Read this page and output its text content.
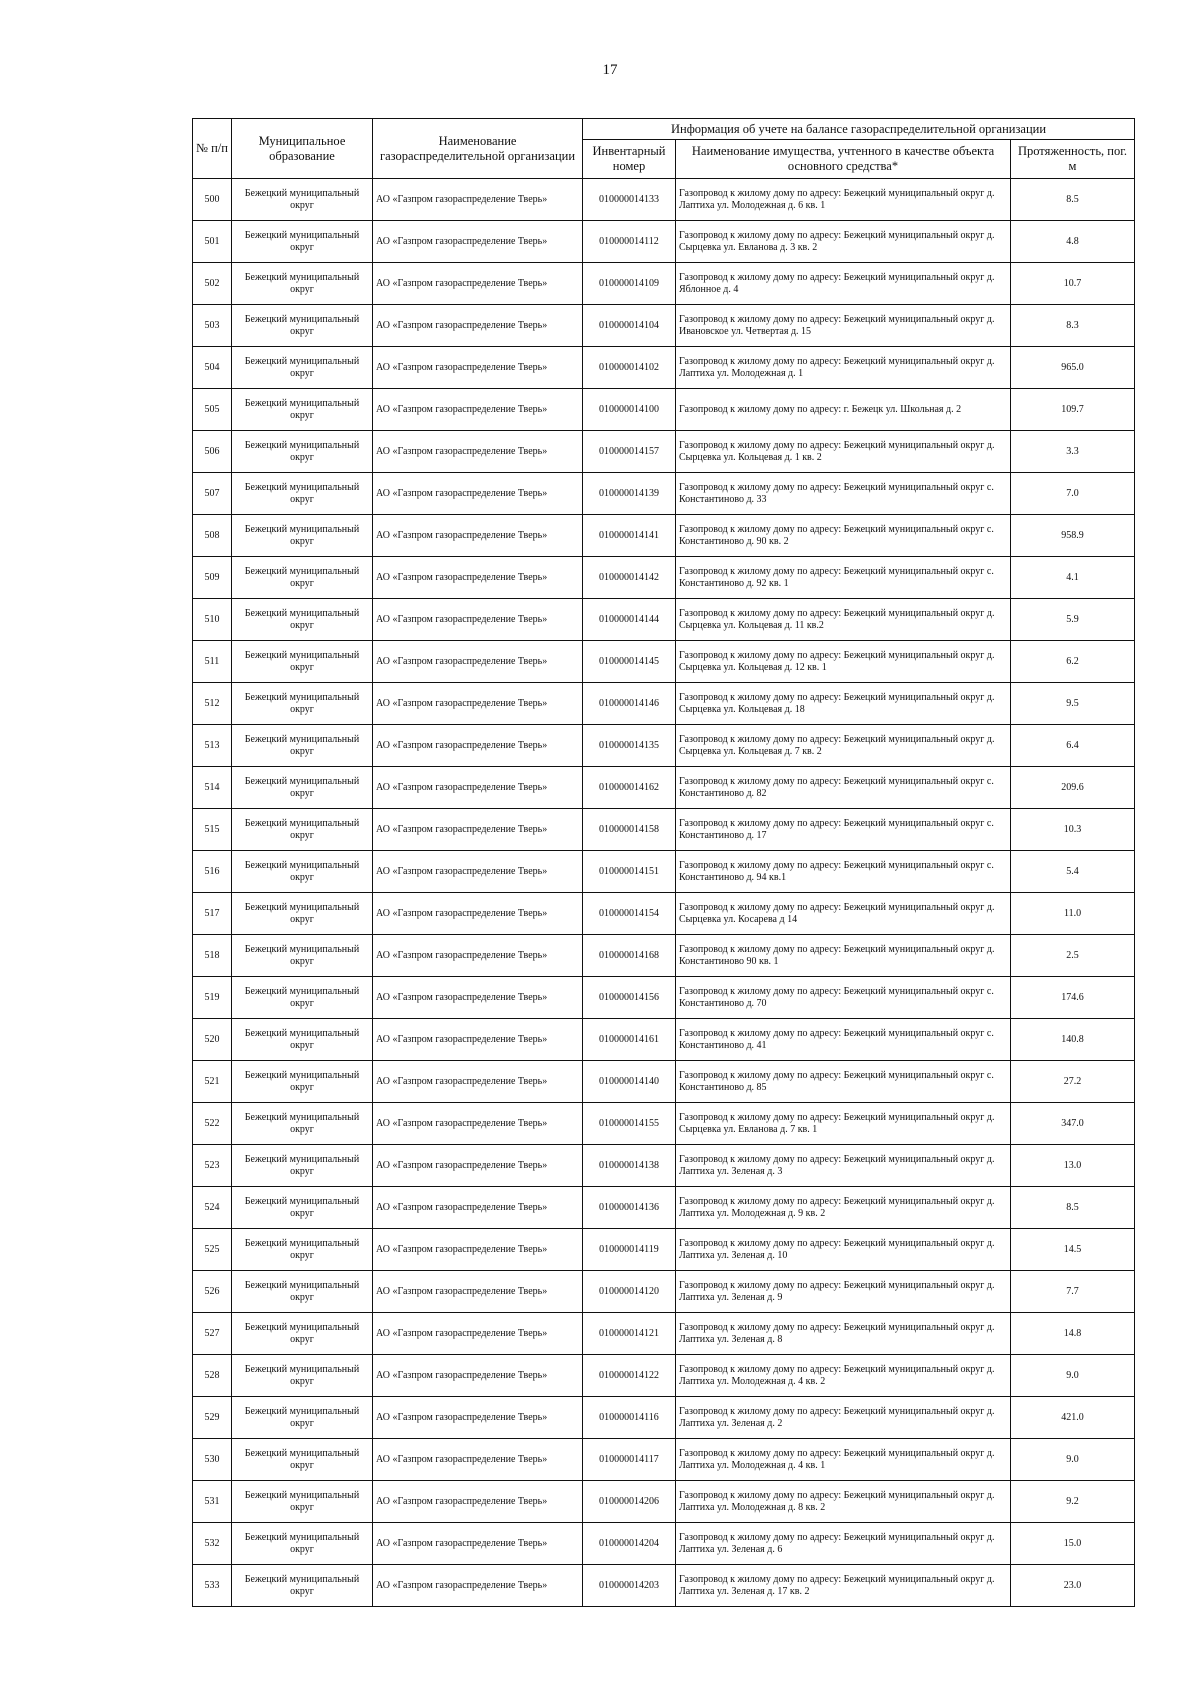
17
№ п/п	Муниципальное образование	Наименование газораспределительной организации	Информация об учете на балансе газораспределительной организации		
			Инвентарный номер	Наименование имущества, учтенного в качестве объекта основного средства*	Протяженность, пог. м
500	Бежецкий муниципальный округ	АО «Газпром газораспределение Тверь»	010000014133	Газопровод к жилому дому по адресу: Бежецкий муниципальный округ д. Лаптиха ул. Молодежная д. 6 кв. 1	8.5
501	Бежецкий муниципальный округ	АО «Газпром газораспределение Тверь»	010000014112	Газопровод к жилому дому по адресу: Бежецкий муниципальный округ д. Сырцевка ул. Евланова д. 3 кв. 2	4.8
502	Бежецкий муниципальный округ	АО «Газпром газораспределение Тверь»	010000014109	Газопровод к жилому дому по адресу: Бежецкий муниципальный округ д. Яблонное д. 4	10.7
503	Бежецкий муниципальный округ	АО «Газпром газораспределение Тверь»	010000014104	Газопровод к жилому дому по адресу: Бежецкий муниципальный округ д. Ивановское ул. Четвертая д. 15	8.3
504	Бежецкий муниципальный округ	АО «Газпром газораспределение Тверь»	010000014102	Газопровод к жилому дому по адресу: Бежецкий муниципальный округ д. Лаптиха ул. Молодежная д. 1	965.0
505	Бежецкий муниципальный округ	АО «Газпром газораспределение Тверь»	010000014100	Газопровод к жилому дому по адресу: г. Бежецк ул. Школьная д. 2	109.7
506	Бежецкий муниципальный округ	АО «Газпром газораспределение Тверь»	010000014157	Газопровод к жилому дому по адресу: Бежецкий муниципальный округ д. Сырцевка ул. Кольцевая д. 1 кв. 2	3.3
507	Бежецкий муниципальный округ	АО «Газпром газораспределение Тверь»	010000014139	Газопровод к жилому дому по адресу: Бежецкий муниципальный округ с. Константиново д. 33	7.0
508	Бежецкий муниципальный округ	АО «Газпром газораспределение Тверь»	010000014141	Газопровод к жилому дому по адресу: Бежецкий муниципальный округ с. Константиново д. 90 кв. 2	958.9
509	Бежецкий муниципальный округ	АО «Газпром газораспределение Тверь»	010000014142	Газопровод к жилому дому по адресу: Бежецкий муниципальный округ с. Константиново д. 92 кв. 1	4.1
510	Бежецкий муниципальный округ	АО «Газпром газораспределение Тверь»	010000014144	Газопровод к жилому дому по адресу: Бежецкий муниципальный округ д. Сырцевка ул. Кольцевая д. 11 кв.2	5.9
511	Бежецкий муниципальный округ	АО «Газпром газораспределение Тверь»	010000014145	Газопровод к жилому дому по адресу: Бежецкий муниципальный округ д. Сырцевка ул. Кольцевая д. 12 кв. 1	6.2
512	Бежецкий муниципальный округ	АО «Газпром газораспределение Тверь»	010000014146	Газопровод к жилому дому по адресу: Бежецкий муниципальный округ д. Сырцевка ул. Кольцевая д. 18	9.5
513	Бежецкий муниципальный округ	АО «Газпром газораспределение Тверь»	010000014135	Газопровод к жилому дому по адресу: Бежецкий муниципальный округ д. Сырцевка ул. Кольцевая д. 7 кв. 2	6.4
514	Бежецкий муниципальный округ	АО «Газпром газораспределение Тверь»	010000014162	Газопровод к жилому дому по адресу: Бежецкий муниципальный округ с. Константиново д. 82	209.6
515	Бежецкий муниципальный округ	АО «Газпром газораспределение Тверь»	010000014158	Газопровод к жилому дому по адресу: Бежецкий муниципальный округ с. Константиново д. 17	10.3
516	Бежецкий муниципальный округ	АО «Газпром газораспределение Тверь»	010000014151	Газопровод к жилому дому по адресу: Бежецкий муниципальный округ с. Константиново д. 94 кв.1	5.4
517	Бежецкий муниципальный округ	АО «Газпром газораспределение Тверь»	010000014154	Газопровод к жилому дому по адресу: Бежецкий муниципальный округ д. Сырцевка ул. Косарева д 14	11.0
518	Бежецкий муниципальный округ	АО «Газпром газораспределение Тверь»	010000014168	Газопровод к жилому дому по адресу: Бежецкий муниципальный округ д. Константиново 90 кв. 1	2.5
519	Бежецкий муниципальный округ	АО «Газпром газораспределение Тверь»	010000014156	Газопровод к жилому дому по адресу: Бежецкий муниципальный округ с. Константиново д. 70	174.6
520	Бежецкий муниципальный округ	АО «Газпром газораспределение Тверь»	010000014161	Газопровод к жилому дому по адресу: Бежецкий муниципальный округ с. Константиново д. 41	140.8
521	Бежецкий муниципальный округ	АО «Газпром газораспределение Тверь»	010000014140	Газопровод к жилому дому по адресу: Бежецкий муниципальный округ с. Константиново д. 85	27.2
522	Бежецкий муниципальный округ	АО «Газпром газораспределение Тверь»	010000014155	Газопровод к жилому дому по адресу: Бежецкий муниципальный округ д. Сырцевка ул. Евланова д. 7 кв. 1	347.0
523	Бежецкий муниципальный округ	АО «Газпром газораспределение Тверь»	010000014138	Газопровод к жилому дому по адресу: Бежецкий муниципальный округ д. Лаптиха ул. Зеленая д. 3	13.0
524	Бежецкий муниципальный округ	АО «Газпром газораспределение Тверь»	010000014136	Газопровод к жилому дому по адресу: Бежецкий муниципальный округ д. Лаптиха ул. Молодежная д. 9 кв. 2	8.5
525	Бежецкий муниципальный округ	АО «Газпром газораспределение Тверь»	010000014119	Газопровод к жилому дому по адресу: Бежецкий муниципальный округ д. Лаптиха ул. Зеленая д. 10	14.5
526	Бежецкий муниципальный округ	АО «Газпром газораспределение Тверь»	010000014120	Газопровод к жилому дому по адресу: Бежецкий муниципальный округ д. Лаптиха ул. Зеленая д. 9	7.7
527	Бежецкий муниципальный округ	АО «Газпром газораспределение Тверь»	010000014121	Газопровод к жилому дому по адресу: Бежецкий муниципальный округ д. Лаптиха ул. Зеленая д. 8	14.8
528	Бежецкий муниципальный округ	АО «Газпром газораспределение Тверь»	010000014122	Газопровод к жилому дому по адресу: Бежецкий муниципальный округ д. Лаптиха ул. Молодежная д. 4 кв. 2	9.0
529	Бежецкий муниципальный округ	АО «Газпром газораспределение Тверь»	010000014116	Газопровод к жилому дому по адресу: Бежецкий муниципальный округ д. Лаптиха ул. Зеленая д. 2	421.0
530	Бежецкий муниципальный округ	АО «Газпром газораспределение Тверь»	010000014117	Газопровод к жилому дому по адресу: Бежецкий муниципальный округ д. Лаптиха ул. Молодежная д. 4 кв. 1	9.0
531	Бежецкий муниципальный округ	АО «Газпром газораспределение Тверь»	010000014206	Газопровод к жилому дому по адресу: Бежецкий муниципальный округ д. Лаптиха ул. Молодежная д. 8 кв. 2	9.2
532	Бежецкий муниципальный округ	АО «Газпром газораспределение Тверь»	010000014204	Газопровод к жилому дому по адресу: Бежецкий муниципальный округ д. Лаптиха ул. Зеленая д. 6	15.0
533	Бежецкий муниципальный округ	АО «Газпром газораспределение Тверь»	010000014203	Газопровод к жилому дому по адресу: Бежецкий муниципальный округ д. Лаптиха ул. Зеленая д. 17 кв. 2	23.0
